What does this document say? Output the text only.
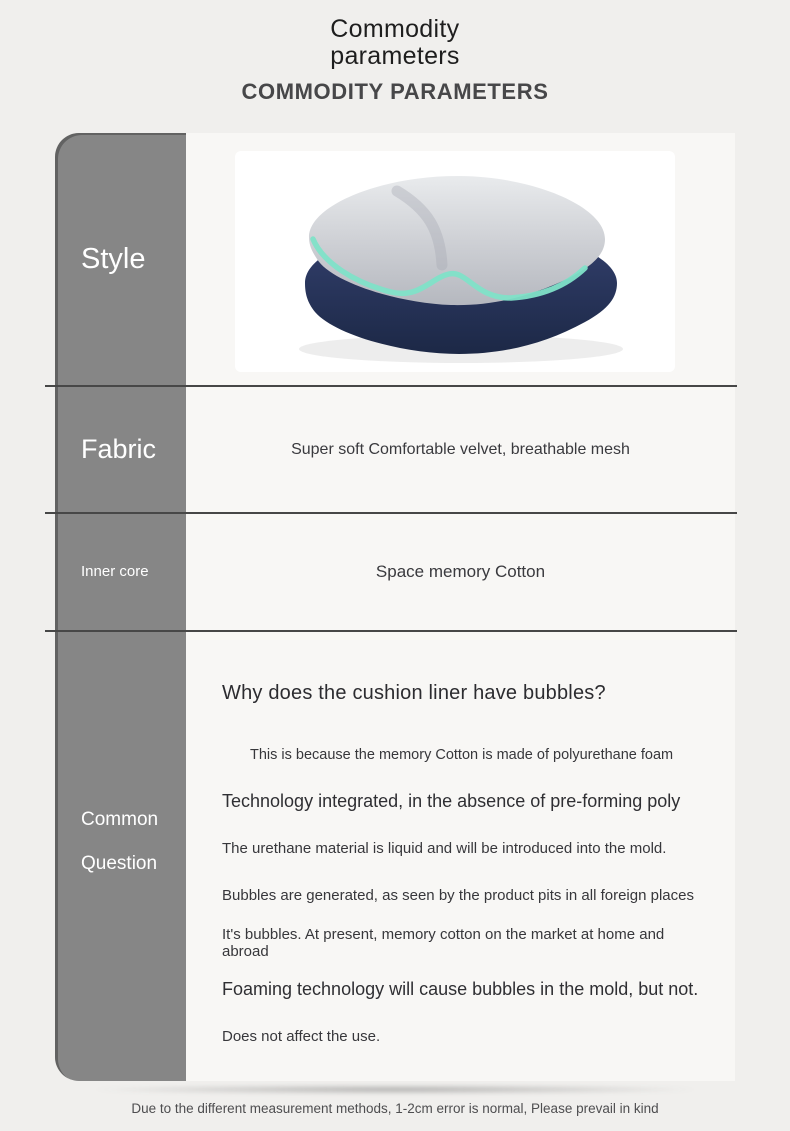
Commodity
parameters
COMMODITY PARAMETERS
Style
Fabric
Inner core
Common Question

Super soft Comfortable velvet, breathable mesh

Space memory Cotton

Why does the cushion liner have bubbles?

This is because the memory Cotton is made of polyurethane foam

Technology integrated, in the absence of pre-forming poly

The urethane material is liquid and will be introduced into the mold.

Bubbles are generated, as seen by the product pits in all foreign places

It's bubbles. At present, memory cotton on the market at home and abroad

Foaming technology will cause bubbles in the mold, but not.

Does not affect the use.

Due to the different measurement methods, 1-2cm error is normal, Please prevail in kind
